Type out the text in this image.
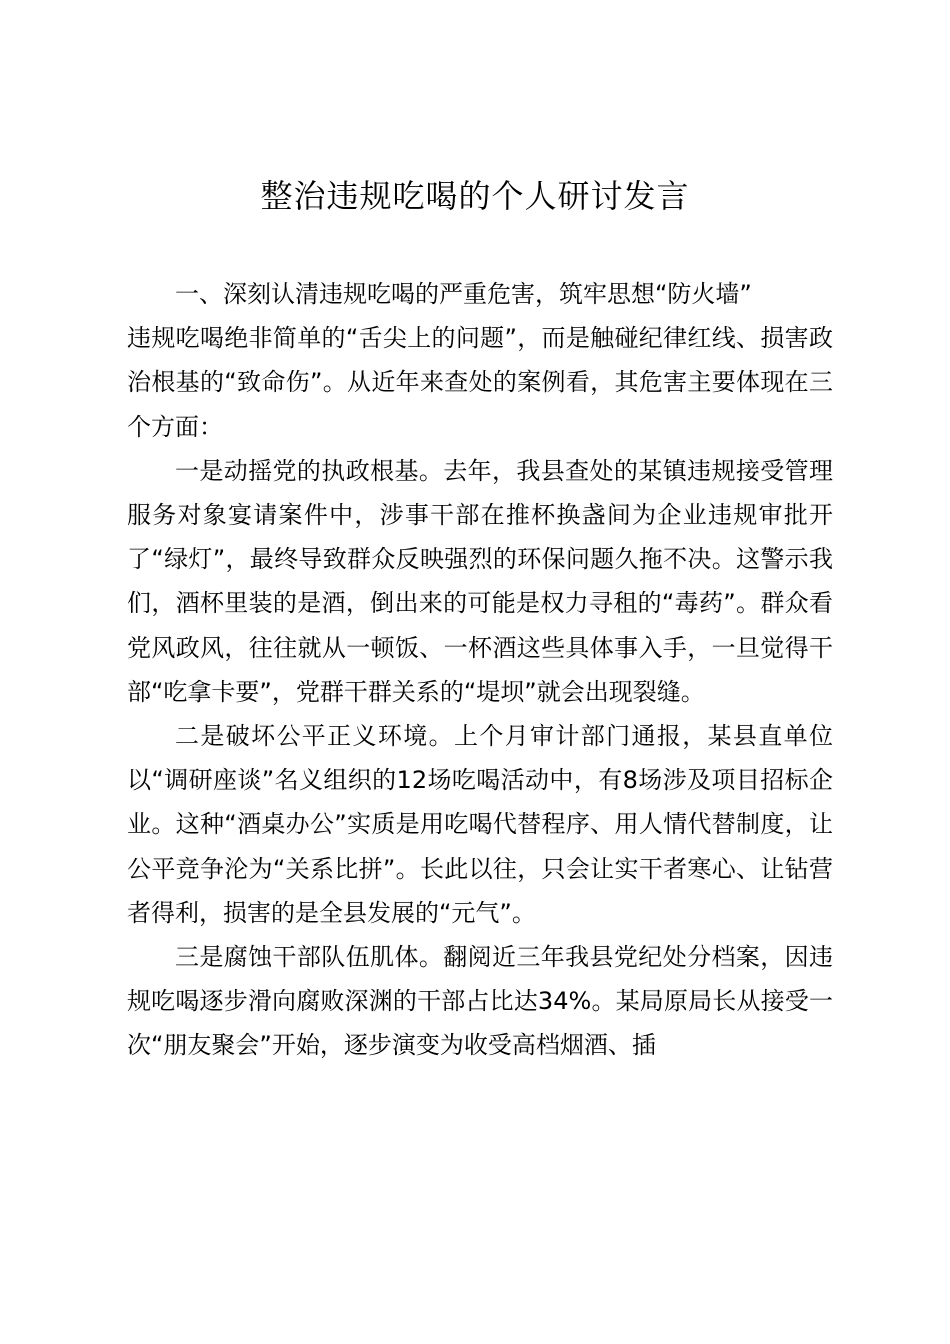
整治违规吃喝的个人研讨发言

一、深刻认清违规吃喝的严重危害，筑牢思想“防火墙”

违规吃喝绝非简单的“舌尖上的问题”，而是触碰纪律红线、损害政治根基的“致命伤”。从近年来查处的案例看，其危害主要体现在三个方面：

一是动摇党的执政根基。去年，我县查处的某镇违规接受管理服务对象宴请案件中，涉事干部在推杯换盏间为企业违规审批开了“绿灯”，最终导致群众反映强烈的环保问题久拖不决。这警示我们，酒杯里装的是酒，倒出来的可能是权力寻租的“毒药”。群众看党风政风，往往就从一顿饭、一杯酒这些具体事入手，一旦觉得干部“吃拿卡要”，党群干群关系的“堤坝”就会出现裂缝。

二是破坏公平正义环境。上个月审计部门通报，某县直单位以“调研座谈”名义组织的12场吃喝活动中，有8场涉及项目招标企业。这种“酒桌办公”实质是用吃喝代替程序、用人情代替制度，让公平竞争沦为“关系比拼”。长此以往，只会让实干者寒心、让钻营者得利，损害的是全县发展的“元气”。

三是腐蚀干部队伍肌体。翻阅近三年我县党纪处分档案，因违规吃喝逐步滑向腐败深渊的干部占比达34%。某局原局长从接受一次“朋友聚会”开始，逐步演变为收受高档烟酒、插
